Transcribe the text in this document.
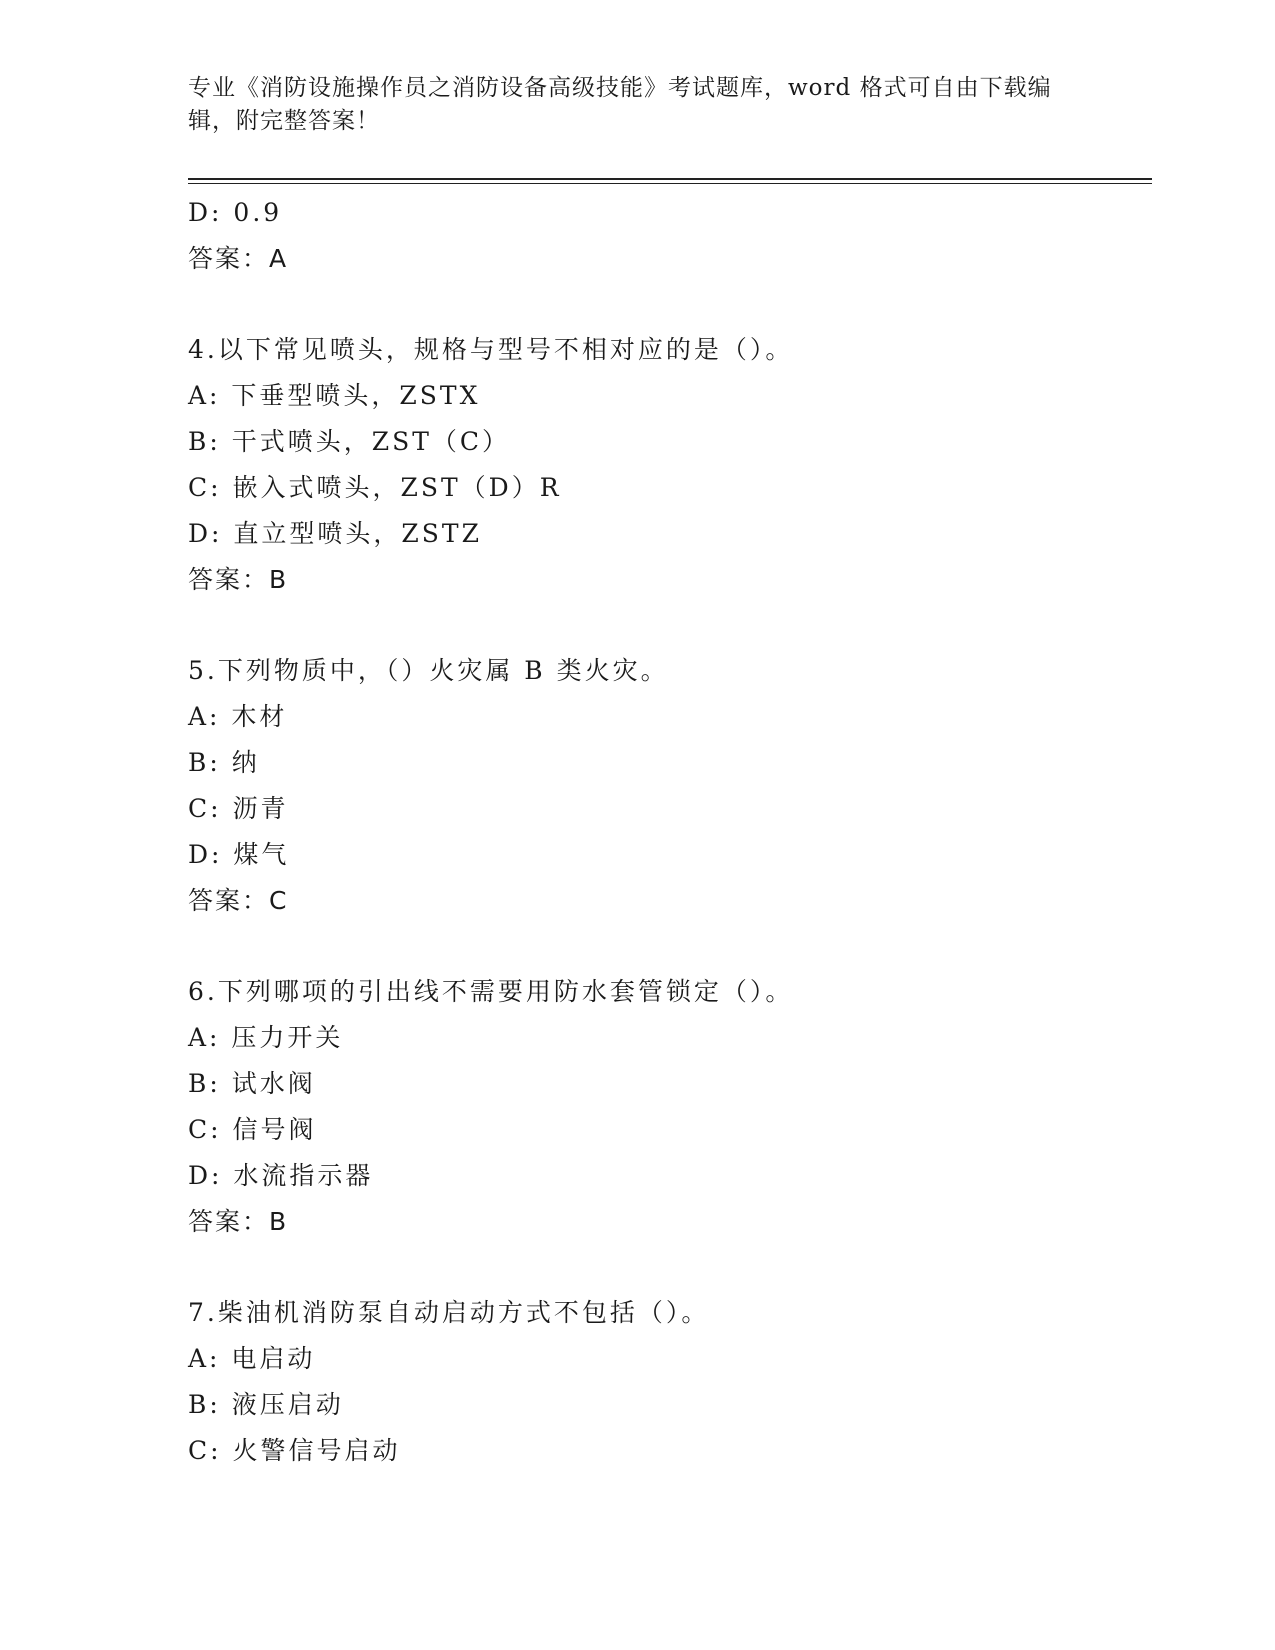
专业《消防设施操作员之消防设备高级技能》考试题库，word 格式可自由下载编
辑，附完整答案！
D: 0.9
答案：A
4.以下常见喷头，规格与型号不相对应的是（）。
A: 下垂型喷头，ZSTX
B: 干式喷头，ZST（C）
C: 嵌入式喷头，ZST（D）R
D: 直立型喷头，ZSTZ
答案：B
5.下列物质中，（）火灾属 B 类火灾。
A: 木材
B: 纳
C: 沥青
D: 煤气
答案：C
6.下列哪项的引出线不需要用防水套管锁定（）。
A: 压力开关
B: 试水阀
C: 信号阀
D: 水流指示器
答案：B
7.柴油机消防泵自动启动方式不包括（）。
A: 电启动
B: 液压启动
C: 火警信号启动
